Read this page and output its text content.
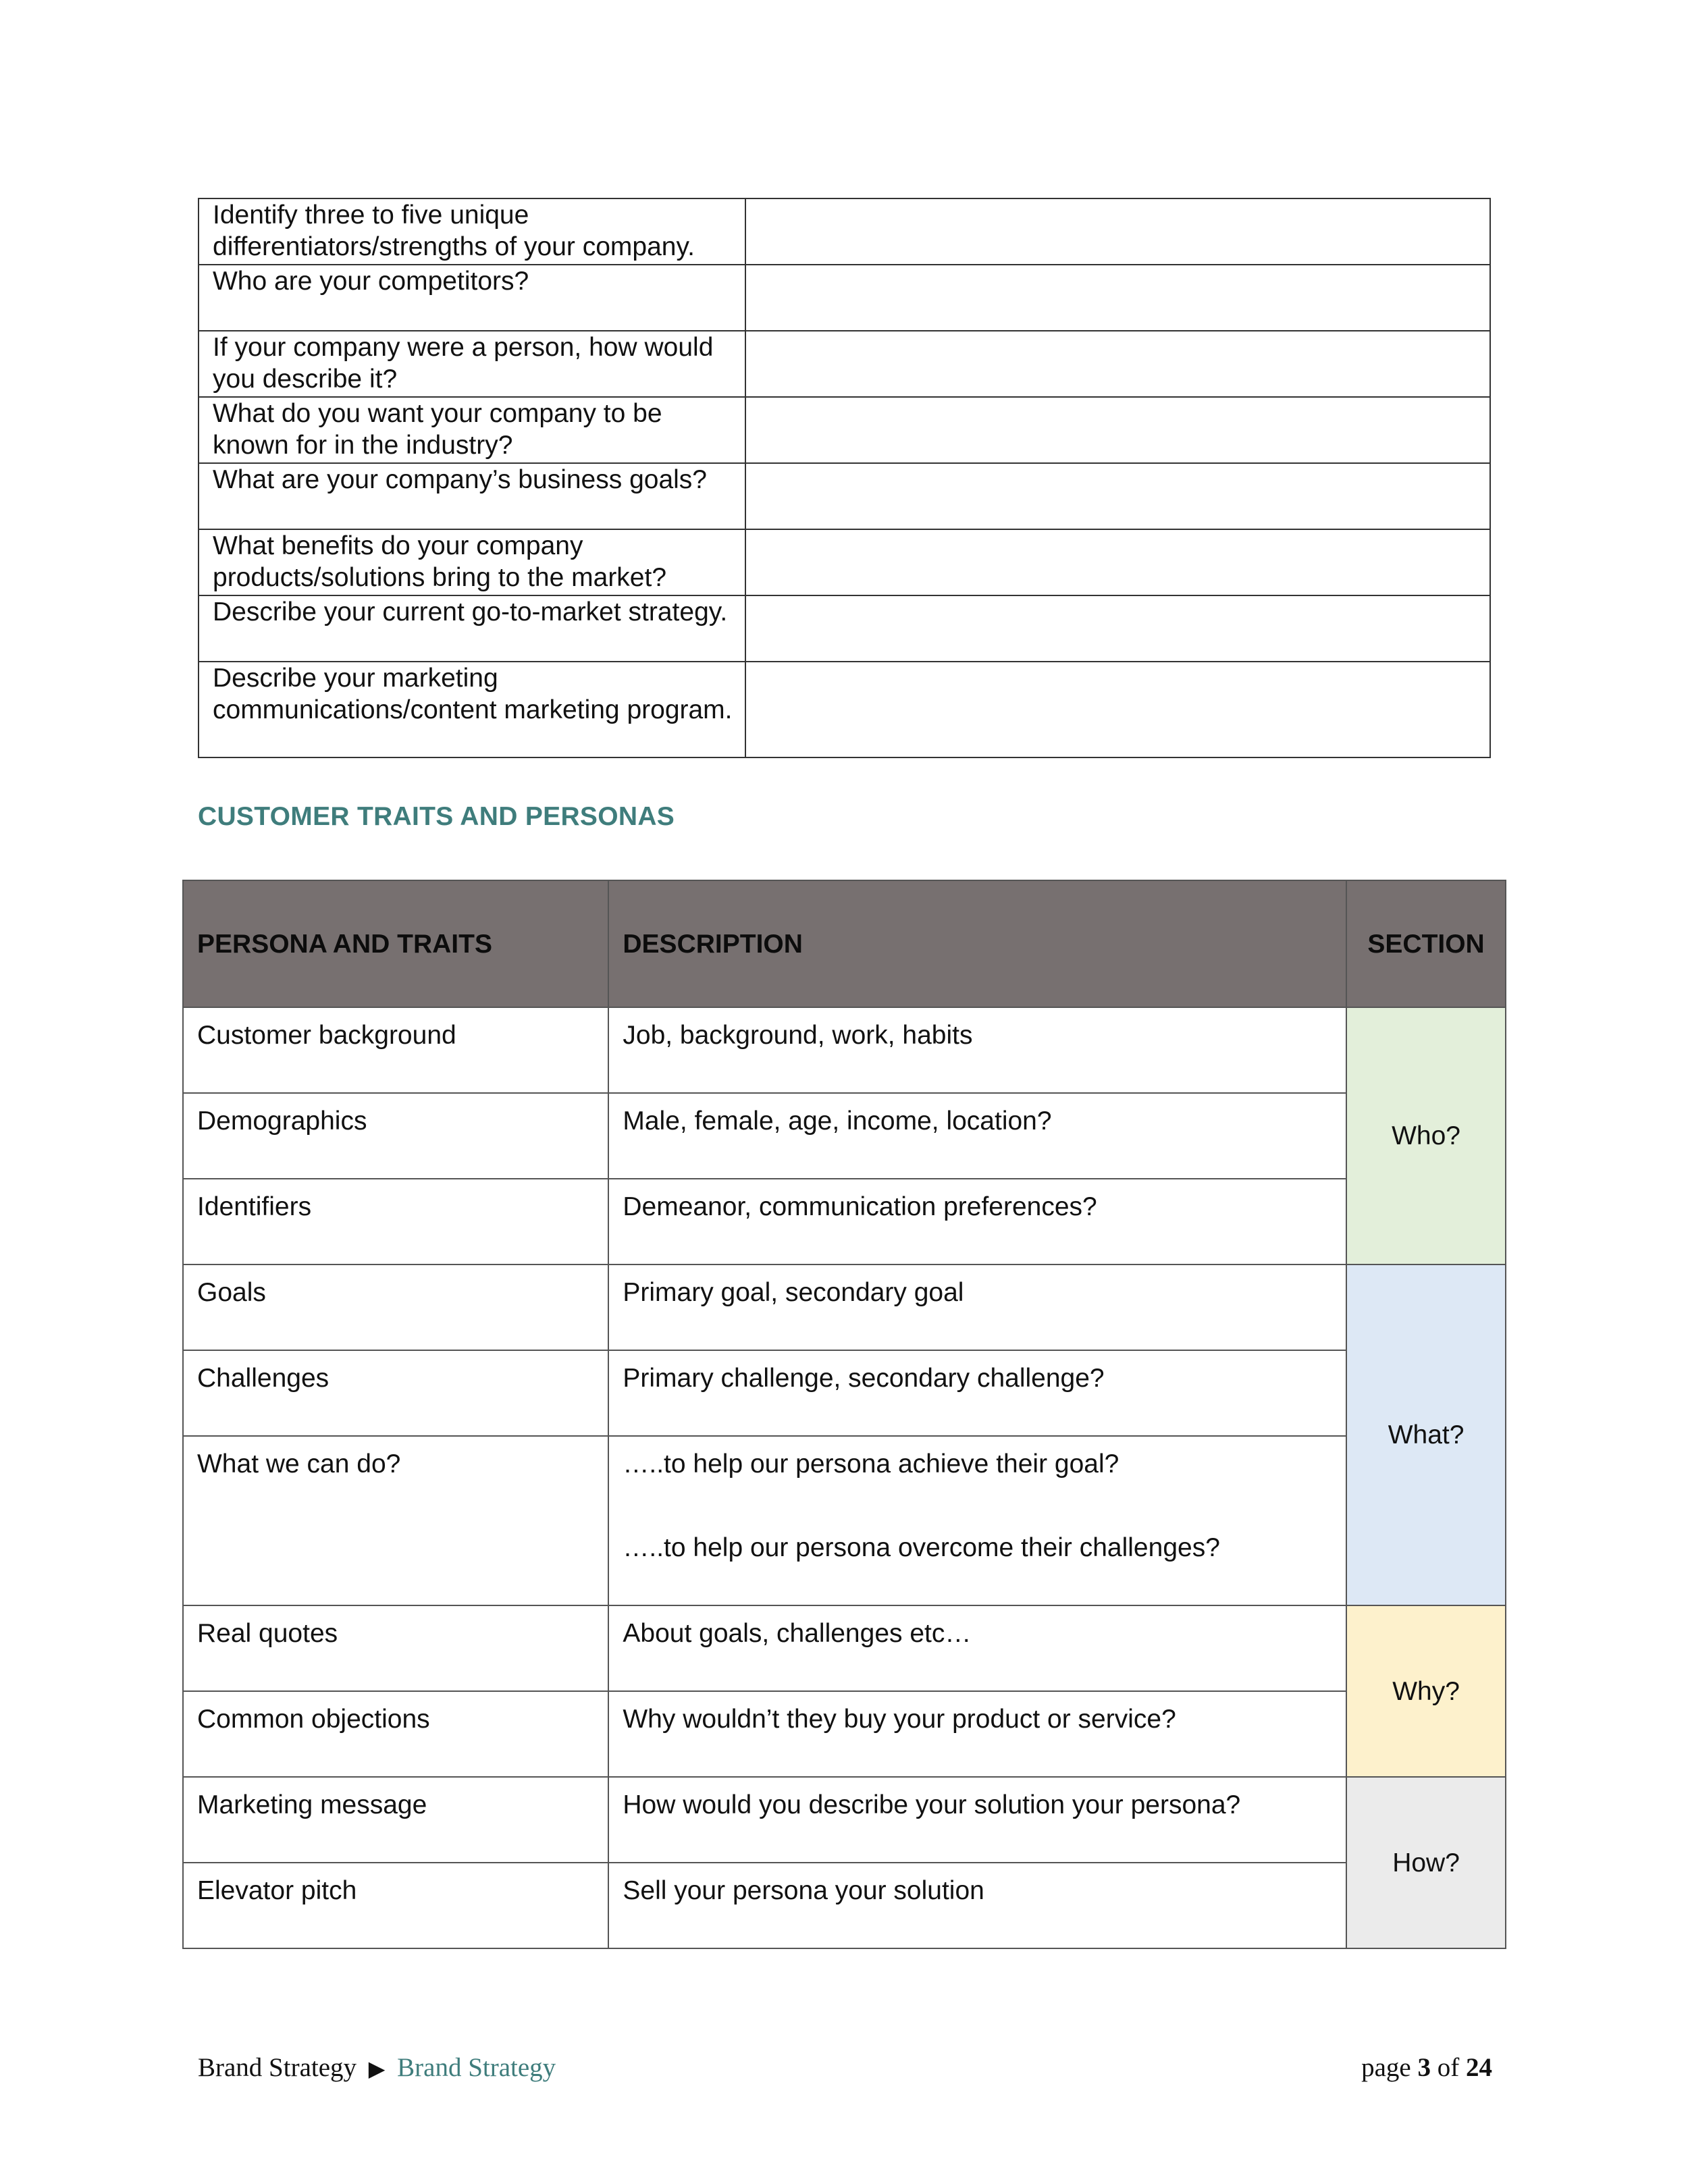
Identify three to five unique differentiators/strengths of your company.	
Who are your competitors?	
If your company were a person, how would you describe it?	
What do you want your company to be known for in the industry?	
What are your company’s business goals?	
What benefits do your company products/solutions bring to the market?	
Describe your current go-to-market strategy.	
Describe your marketing communications/content marketing program.	
CUSTOMER TRAITS AND PERSONAS
PERSONA AND TRAITS	DESCRIPTION	SECTION
Customer background	Job, background, work, habits	Who?
Demographics	Male, female, age, income, location?	
Identifiers	Demeanor, communication preferences?	
Goals	Primary goal, secondary goal	What?
Challenges	Primary challenge, secondary challenge?	
What we can do?	…..to help our persona achieve their goal?
…..to help our persona overcome their challenges?	

Real quotes	About goals, challenges etc…	Why?
Common objections	Why wouldn’t they buy your product or service?	
Marketing message	How would you describe your solution your persona?	How?
Elevator pitch	Sell your persona your solution	
Brand Strategy ▶ Brand Strategy	page 3 of 24
